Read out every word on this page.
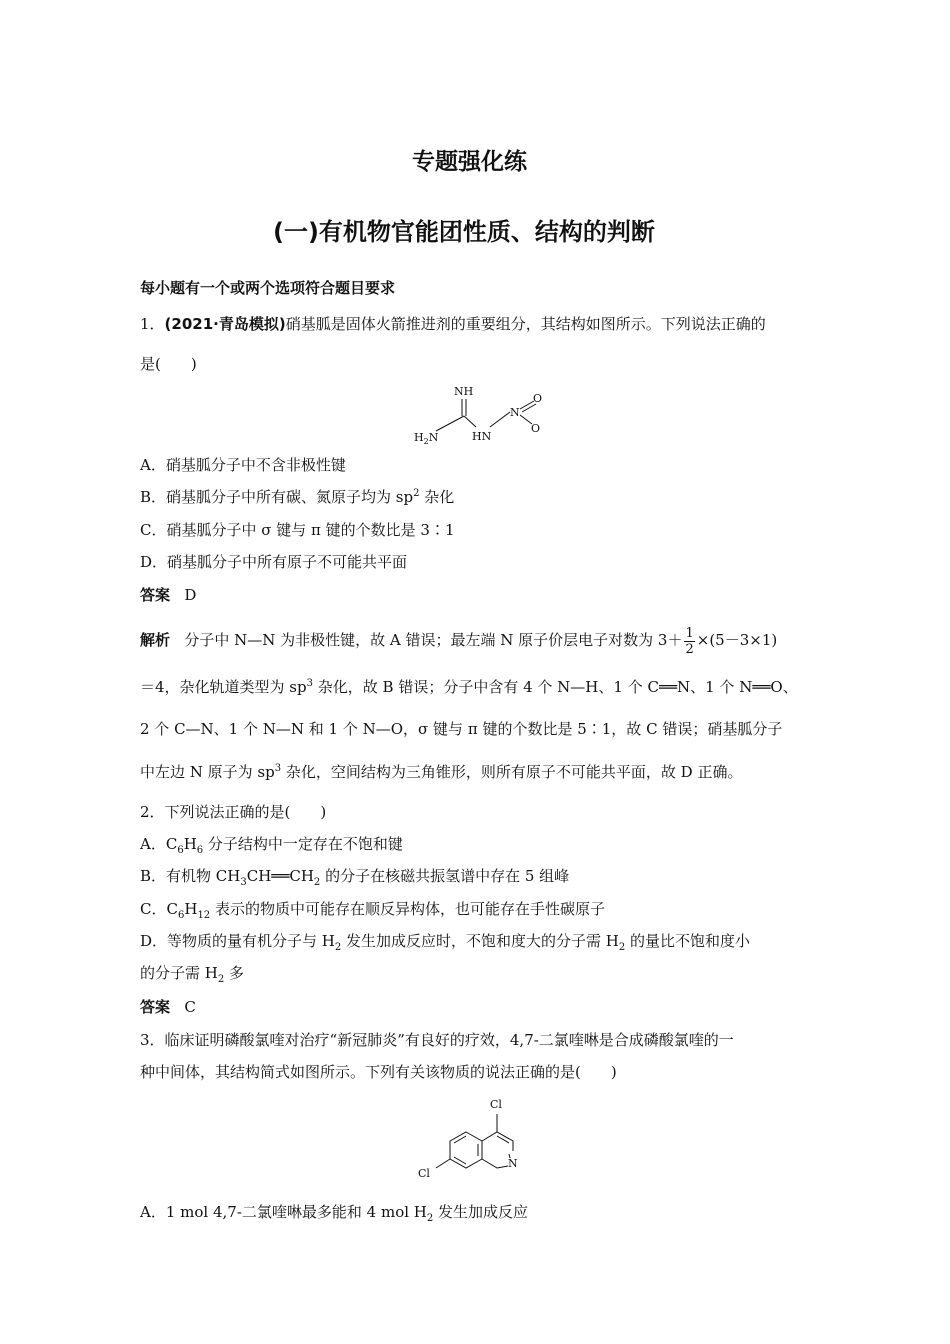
专题强化练
(一)有机物官能团性质、结构的判断
每小题有一个或两个选项符合题目要求
1．(2021·青岛模拟)硝基胍是固体火箭推进剂的重要组分，其结构如图所示。下列说法正确的
是(　　)
NH
$H_2N$	HN
N
O
O
A．硝基胍分子中不含非极性键
B．硝基胍分子中所有碳、氮原子均为 $sp^2$ 杂化
C．硝基胍分子中 σ 键与 π 键的个数比是 3∶1
D．硝基胍分子中所有原子不可能共平面
答案 D
解析 分子中 N—N 为非极性键，故 A 错误；最左端 N 原子价层电子对数为 $3+ \frac{1}{2} \times(5-3\times 1)$
＝4，杂化轨道类型为 $sp^3$ 杂化，故 B 错误；分子中含有 4 个 N—H、1 个 C══N、1 个 N══O、
2 个 C—N、1 个 N—N 和 1 个 N—O，σ 键与 π 键的个数比是 5∶1，故 C 错误；硝基胍分子
中左边 N 原子为 $sp^3$ 杂化，空间结构为三角锥形，则所有原子不可能共平面，故 D 正确。
2．下列说法正确的是(　　)
A．$C_6H_6$ 分子结构中一定存在不饱和键
B．有机物 $CH_3CH══CH_2$ 的分子在核磁共振氢谱中存在 5 组峰
C．$C_6H_{12}$ 表示的物质中可能存在顺反异构体，也可能存在手性碳原子
D．等物质的量有机分子与 $H_2$ 发生加成反应时，不饱和度大的分子需 $H_2$ 的量比不饱和度小
的分子需 $H_2$ 多
答案 C
3．临床证明磷酸氯喹对治疗“新冠肺炎”有良好的疗效，4,7-二氯喹啉是合成磷酸氯喹的一
种中间体，其结构简式如图所示。下列有关该物质的说法正确的是(　　)
Cl
Cl
N
A．1 mol 4,7-二氯喹啉最多能和 4 mol $H_2$ 发生加成反应
